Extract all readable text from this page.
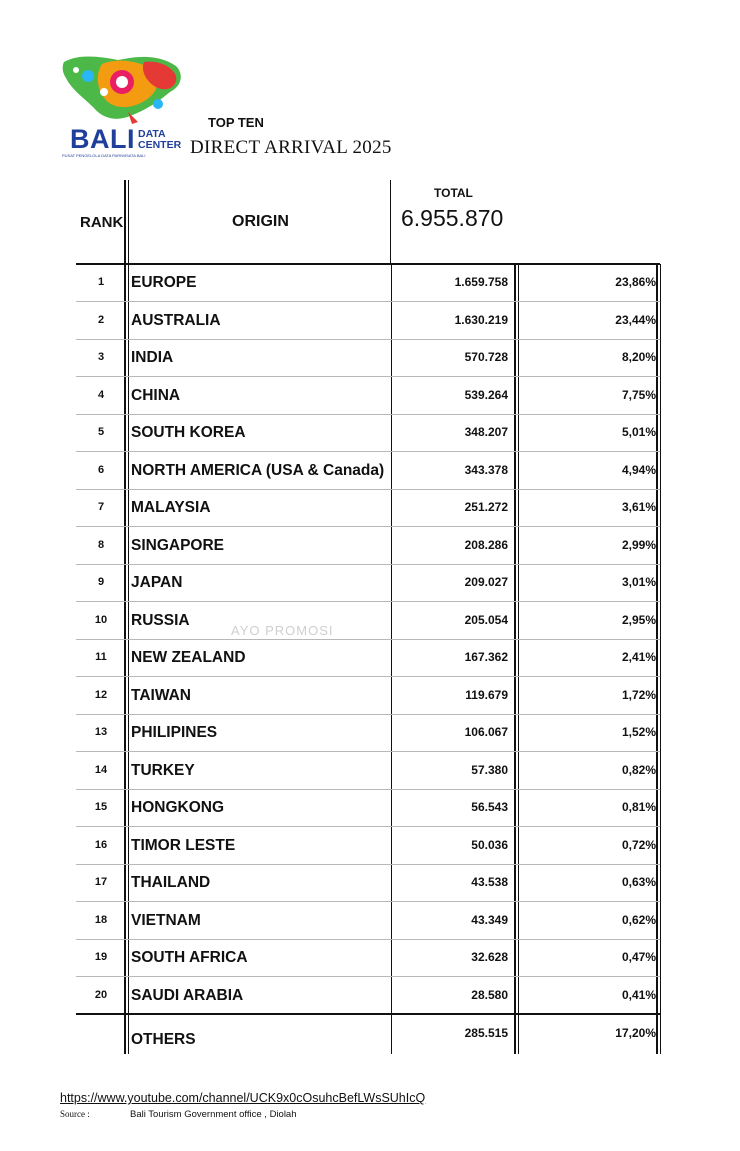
BALI DATA
CENTER
PUSAT PENGELOLA DATA PARIWISATA BALI
TOP TEN
DIRECT ARRIVAL 2025
RANK	ORIGIN
TOTAL
6.955.870
1	EUROPE	1.659.758	23,86%
2	AUSTRALIA	1.630.219	23,44%
3	INDIA	570.728	8,20%
4	CHINA	539.264	7,75%
5	SOUTH KOREA	348.207	5,01%
6	NORTH AMERICA (USA & Canada)	343.378	4,94%
7	MALAYSIA	251.272	3,61%
8	SINGAPORE	208.286	2,99%
9	JAPAN	209.027	3,01%
10	RUSSIA	205.054	2,95%
11	NEW ZEALAND	167.362	2,41%
12	TAIWAN	119.679	1,72%
13	PHILIPINES	106.067	1,52%
14	TURKEY	57.380	0,82%
15	HONGKONG	56.543	0,81%
16	TIMOR LESTE	50.036	0,72%
17	THAILAND	43.538	0,63%
18	VIETNAM	43.349	0,62%
19	SOUTH AFRICA	32.628	0,47%
20	SAUDI ARABIA	28.580	0,41%
AYO PROMOSI
OTHERS	285.515	17,20%
https://www.youtube.com/channel/UCK9x0cOsuhcBefLWsSUhIcQ
Source :	Bali Tourism Government office , Diolah
